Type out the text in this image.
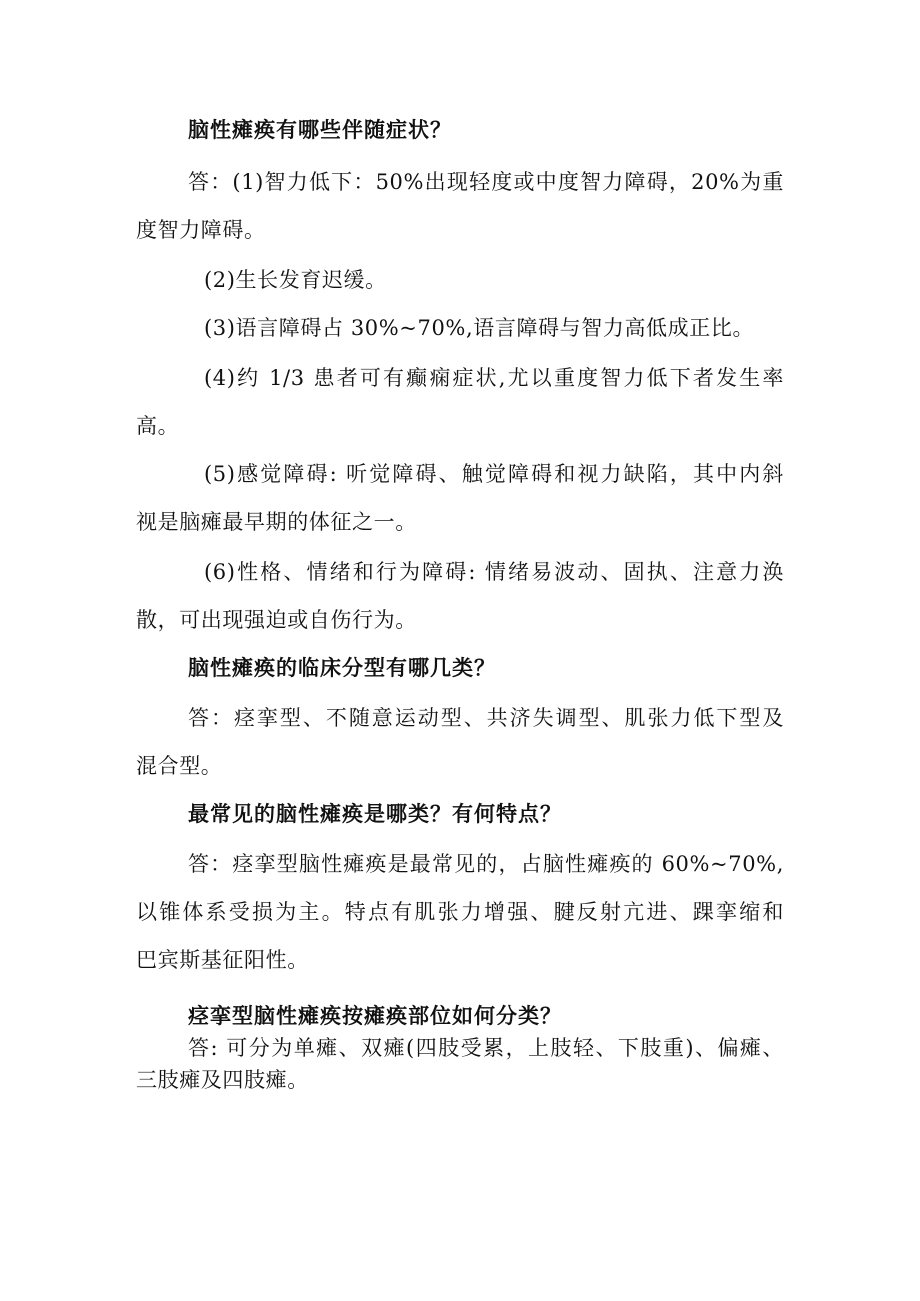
脑性瘫痪有哪些伴随症状？
答：(1)智力低下：50%出现轻度或中度智力障碍，20%为重
度智力障碍。
(2)生长发育迟缓。
(3)语言障碍占 30%~70%,语言障碍与智力高低成正比。
(4)约 1/3 患者可有癫痫症状,尤以重度智力低下者发生率
高。
(5)感觉障碍: 听觉障碍、触觉障碍和视力缺陷，其中内斜
视是脑瘫最早期的体征之一。
(6)性格、情绪和行为障碍: 情绪易波动、固执、注意力涣
散，可出现强迫或自伤行为。
脑性瘫痪的临床分型有哪几类？
答：痉挛型、不随意运动型、共济失调型、肌张力低下型及
混合型。
最常见的脑性瘫痪是哪类？有何特点？
答：痉挛型脑性瘫痪是最常见的，占脑性瘫痪的 60%~70%,
以锥体系受损为主。特点有肌张力增强、腱反射亢进、踝挛缩和
巴宾斯基征阳性。
痉挛型脑性瘫痪按瘫痪部位如何分类？
答: 可分为单瘫、双瘫(四肢受累，上肢轻、下肢重)、偏瘫、
三肢瘫及四肢瘫。
